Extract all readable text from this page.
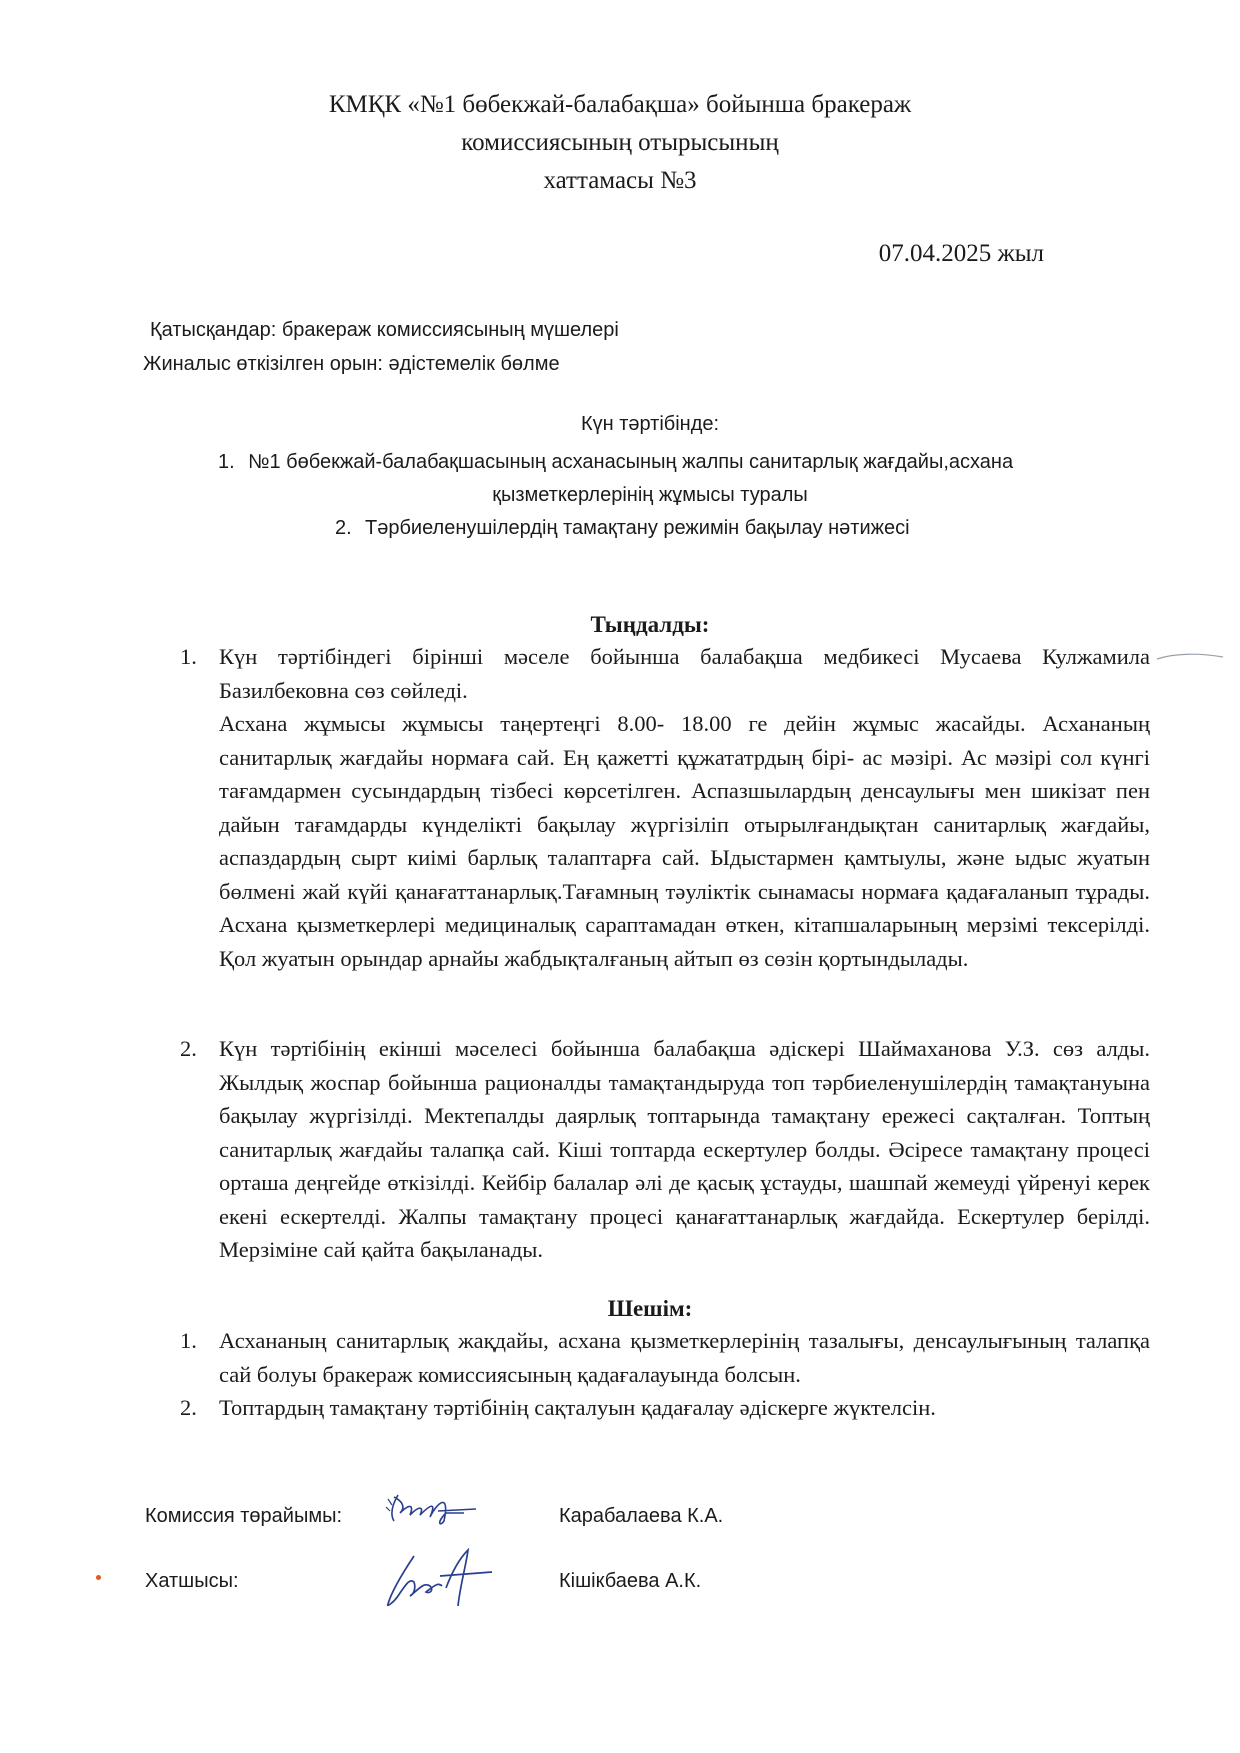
КМҚК «№1 бөбекжай-балабақша» бойынша бракераж
комиссиясының отырысының
хаттамасы №3
07.04.2025 жыл
Қатысқандар: бракераж комиссиясының мүшелері
Жиналыс өткізілген орын: әдістемелік бөлме
Күн тәртібінде:
1. №1 бөбекжай-балабақшасының асханасының жалпы санитарлық жағдайы,асхана
қызметкерлерінің жұмысы туралы
2. Тәрбиеленушілердің тамақтану режимін бақылау нәтижесі
Тыңдалды:
1. Күн тәртібіндегі бірінші мәселе бойынша балабақша медбикесі Мусаева Кулжамила Базилбековна сөз сөйледі.
Асхана жұмысы жұмысы таңертеңгі 8.00- 18.00 ге дейін жұмыс жасайды. Асхананың санитарлық жағдайы нормаға сай. Ең қажетті құжататрдың бірі- ас мәзірі. Ас мәзірі сол күнгі тағамдармен сусындардың тізбесі көрсетілген. Аспазшылардың денсаулығы мен шикізат пен дайын тағамдарды күнделікті бақылау жүргізіліп отырылғандықтан санитарлық жағдайы, аспаздардың сырт киімі барлық талаптарға сай. Ыдыстармен қамтыулы, және ыдыс жуатын бөлмені жай күйі қанағаттанарлық.Тағамның тәуліктік сынамасы нормаға қадағаланып тұрады. Асхана қызметкерлері медициналық сараптамадан өткен, кітапшаларының мерзімі тексерілді. Қол жуатын орындар арнайы жабдықталғаның айтып өз сөзін қортындылады.
2. Күн тәртібінің екінші мәселесі бойынша балабақша әдіскері Шаймаханова У.З. сөз алды. Жылдық жоспар бойынша рационалды тамақтандыруда топ тәрбиеленушілердің тамақтануына бақылау жүргізілді. Мектепалды даярлық топтарында тамақтану ережесі сақталған. Топтың санитарлық жағдайы талапқа сай. Кіші топтарда ескертулер болды. Әсіресе тамақтану процесі орташа деңгейде өткізілді. Кейбір балалар әлі де қасық ұстауды, шашпай жемеуді үйренуі керек екені ескертелді. Жалпы тамақтану процесі қанағаттанарлық жағдайда. Ескертулер берілді. Мерзіміне сай қайта бақыланады.
Шешім:
1. Асхананың санитарлық жақдайы, асхана қызметкерлерінің тазалығы, денсаулығының талапқа сай болуы бракераж комиссиясының қадағалауында болсын.
2. Топтардың тамақтану тәртібінің сақталуын қадағалау әдіскерге жүктелсін.
Комиссия төрайымы:	Карабалаева К.А.
Хатшысы:	Кішікбаева А.К.
